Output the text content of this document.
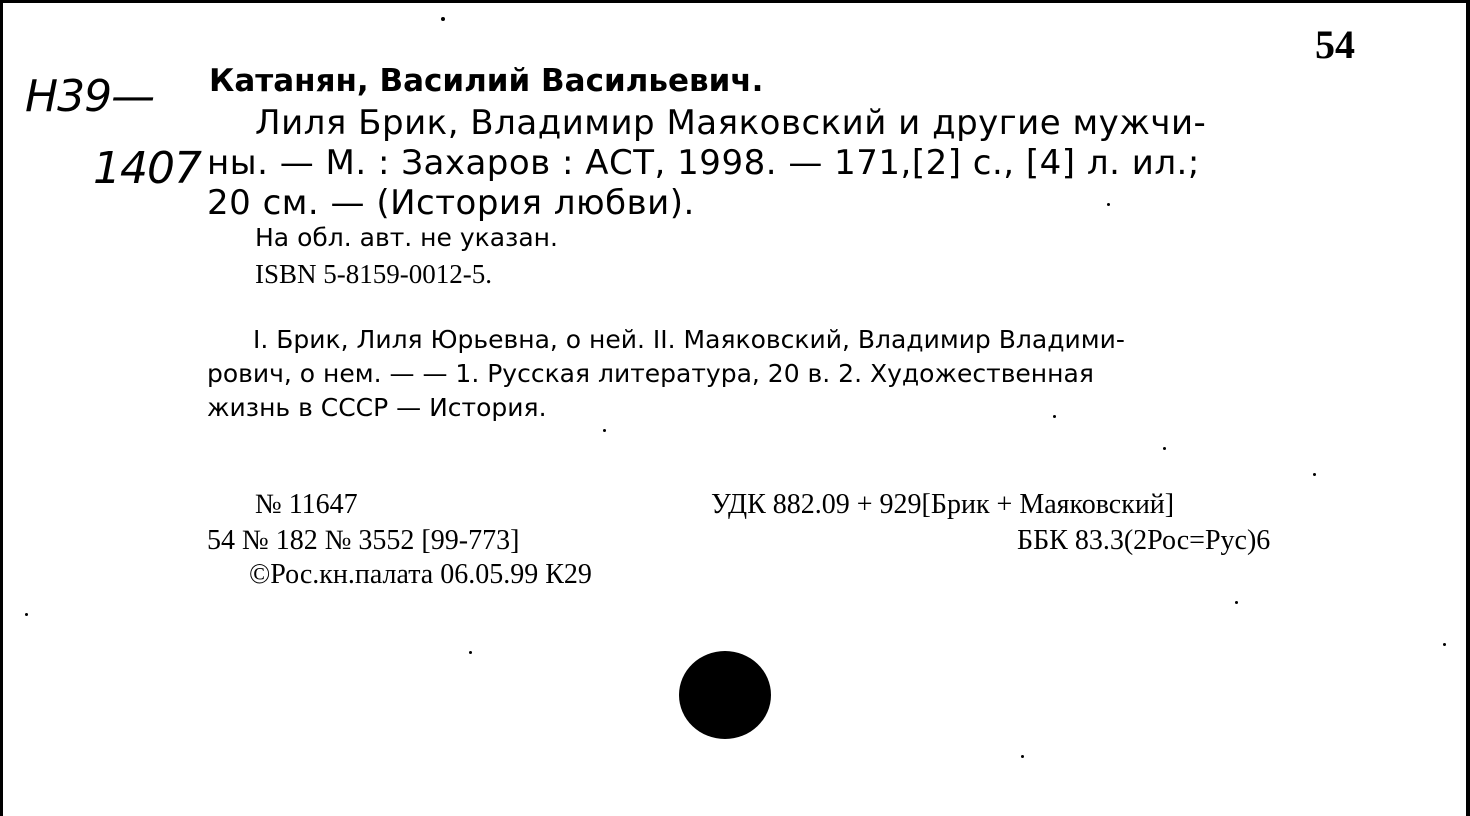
54
Н39—
1407
Катанян, Василий Васильевич.
Лиля Брик, Владимир Маяковский и другие мужчи-
ны. — М. : Захаров : АСТ, 1998. — 171,[2] с., [4] л. ил.;
20 см. — (История любви).
На обл. авт. не указан.
ISBN 5-8159-0012-5.
I. Брик, Лиля Юрьевна, о ней. II. Маяковский, Владимир Владими-
рович, о нем. — — 1. Русская литература, 20 в. 2. Художественная
жизнь в СССР — История.
№ 11647
54 № 182 № 3552 [99-773]
©Рос.кн.палата 06.05.99 К29
УДК 882.09 + 929[Брик + Маяковский]
ББК 83.3(2Рос=Рус)6
